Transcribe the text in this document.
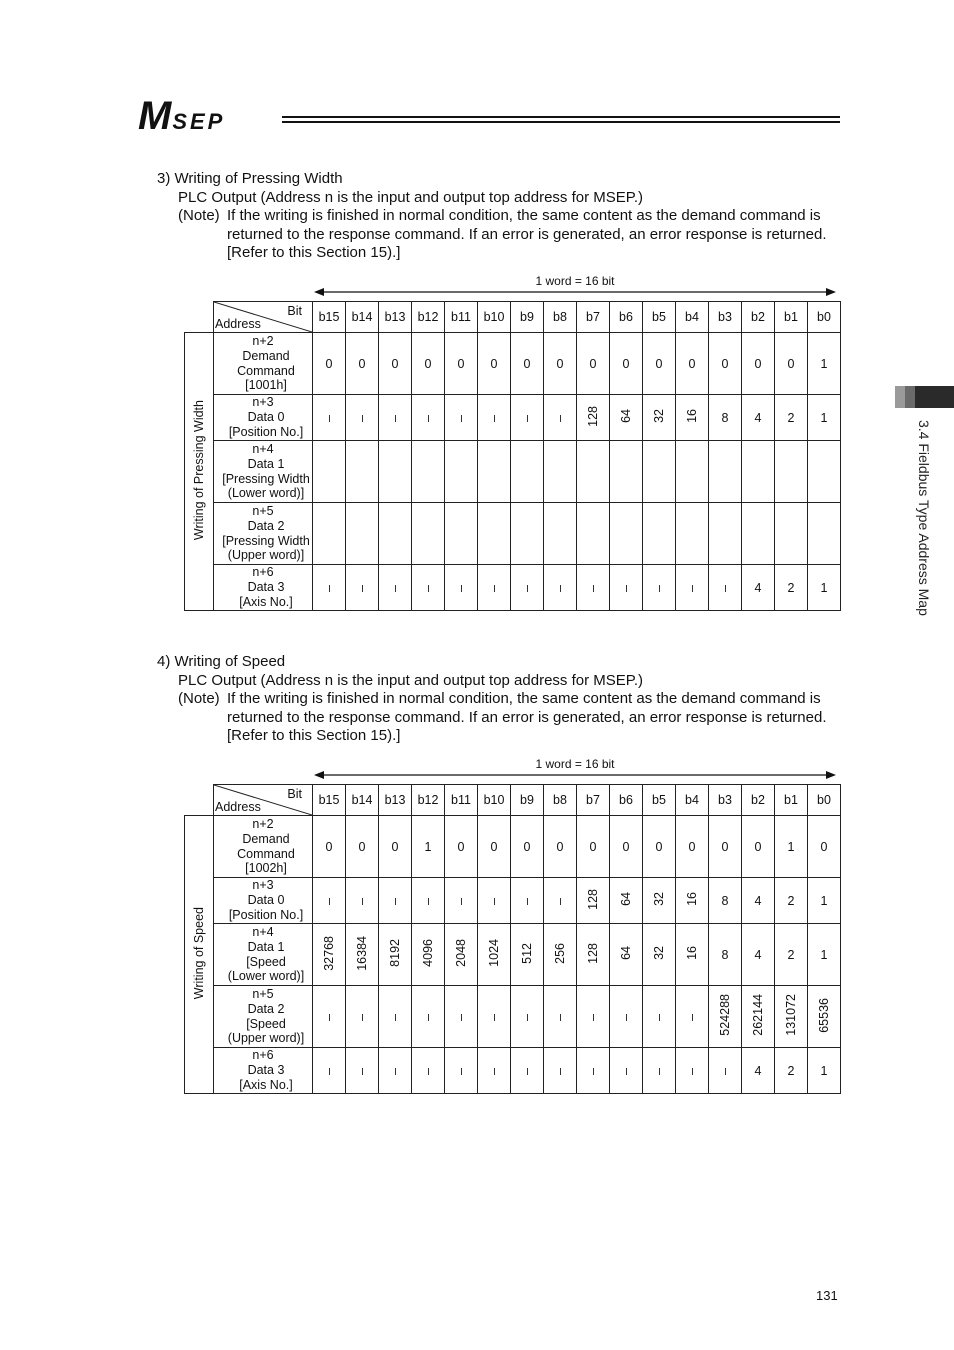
MSEP
3.4 Fieldbus Type Address Map
3) Writing of Pressing Width
PLC Output (Address n is the input and output top address for MSEP.)
(Note) If the writing is finished in normal condition, the same content as the demand command is returned to the response command. If an error is generated, an error response is returned. [Refer to this Section 15).]
1 word = 16 bit

	Bit
Address	b15	b14	b13	b12	b11	b10	b9	b8	b7	b6	b5	b4	b3	b2	b1	b0
Writing of Pressing Width	n+2
Demand
Command
[1001h]	0	0	0	0	0	0	0	0	0	0	0	0	0	0	0	1

	n+3
Data 0
[Position No.]	–	–	–	–	–	–	–	–	128	64	32	16	8	4	2	1

	n+4
Data 1
[Pressing Width
(Lower word)]																

	n+5
Data 2
[Pressing Width
(Upper word)]																

	n+6
Data 3
[Axis No.]	–	–	–	–	–	–	–	–	–	–	–	–	–	4	2	1
4) Writing of Speed
PLC Output (Address n is the input and output top address for MSEP.)
(Note) If the writing is finished in normal condition, the same content as the demand command is returned to the response command. If an error is generated, an error response is returned. [Refer to this Section 15).]
1 word = 16 bit

	Bit
Address	b15	b14	b13	b12	b11	b10	b9	b8	b7	b6	b5	b4	b3	b2	b1	b0
Writing of Speed	n+2
Demand
Command
[1002h]	0	0	0	1	0	0	0	0	0	0	0	0	0	0	1	0

	n+3
Data 0
[Position No.]	–	–	–	–	–	–	–	–	128	64	32	16	8	4	2	1

	n+4
Data 1
[Speed
(Lower word)]	32768	16384	8192	4096	2048	1024	512	256	128	64	32	16	8	4	2	1

	n+5
Data 2
[Speed
(Upper word)]	–	–	–	–	–	–	–	–	–	–	–	–	524288	262144	131072	65536

	n+6
Data 3
[Axis No.]	–	–	–	–	–	–	–	–	–	–	–	–	–	4	2	1
131
